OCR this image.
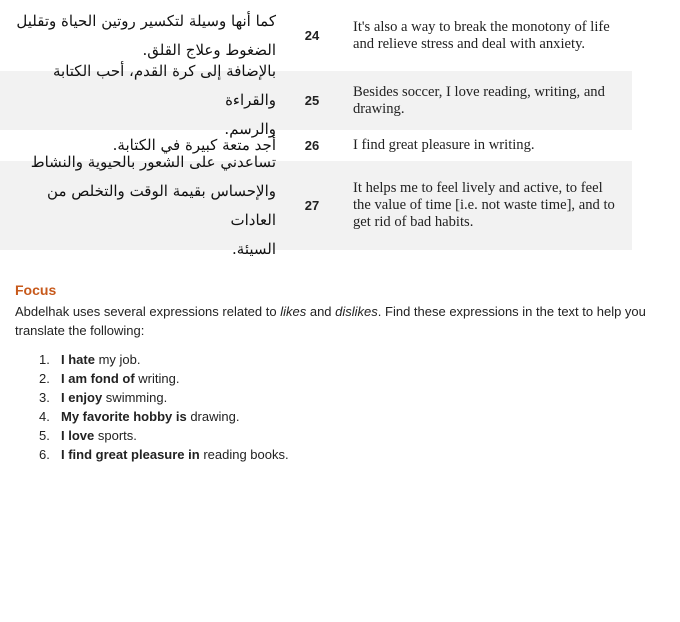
كما أنها وسيلة لتكسير روتين الحياة وتقليل
الضغوط وعلاج القلق.
24
It's also a way to break the monotony of life and relieve stress and deal with anxiety.
بالإضافة إلى كرة القدم، أحب الكتابة والقراءة
والرسم.
25
Besides soccer, I love reading, writing, and drawing.
أجد متعة كبيرة في الكتابة.	26	I find great pleasure in writing.
تساعدني على الشعور بالحيوية والنشاط
والإحساس بقيمة الوقت والتخلص من العادات
السيئة.
27
It helps me to feel lively and active, to feel the value of time [i.e. not waste time], and to get rid of bad habits.
Focus

Abdelhak uses several expressions related to likes and dislikes. Find these expressions in the text to help you translate the following:

1. I hate my job.
2. I am fond of writing.
3. I enjoy swimming.
4. My favorite hobby is drawing.
5. I love sports.
6. I find great pleasure in reading books.
